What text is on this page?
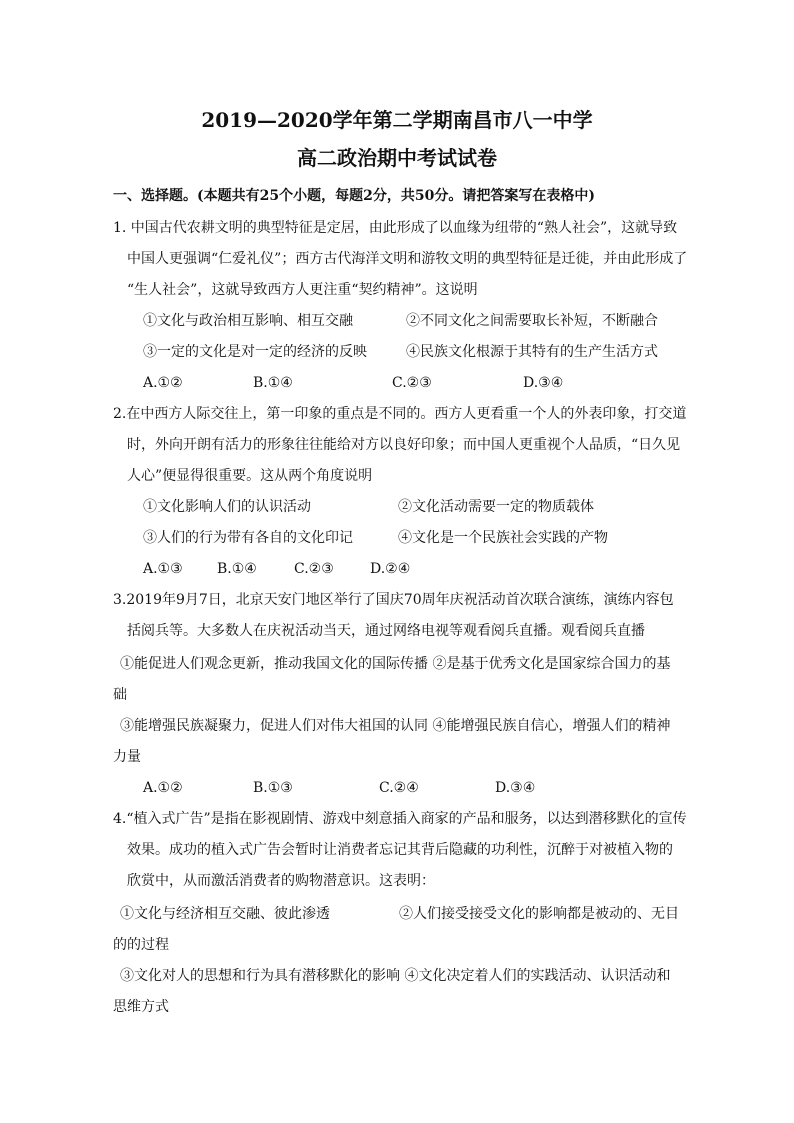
2019—2020学年第二学期南昌市八一中学
高二政治期中考试试卷
一、选择题。(本题共有25个小题，每题2分，共50分。请把答案写在表格中)
1. 中国古代农耕文明的典型特征是定居，由此形成了以血缘为纽带的“熟人社会”，这就导致
中国人更强调“仁爱礼仪”；西方古代海洋文明和游牧文明的典型特征是迁徙，并由此形成了
“生人社会”，这就导致西方人更注重“契约精神”。这说明
①文化与政治相互影响、相互交融	②不同文化之间需要取长补短，不断融合
③一定的文化是对一定的经济的反映	④民族文化根源于其特有的生产生活方式
A.①②	B.①④	C.②③	D.③④
2.在中西方人际交往上，第一印象的重点是不同的。西方人更看重一个人的外表印象，打交道
时，外向开朗有活力的形象往往能给对方以良好印象；而中国人更重视个人品质，“日久见
人心”便显得很重要。这从两个角度说明
①文化影响人们的认识活动	②文化活动需要一定的物质载体
③人们的行为带有各自的文化印记	④文化是一个民族社会实践的产物
A.①③ B.①④	C.②③	D.②④
3.2019年9月7日，北京天安门地区举行了国庆70周年庆祝活动首次联合演练，演练内容包
括阅兵等。大多数人在庆祝活动当天，通过网络电视等观看阅兵直播。观看阅兵直播
①能促进人们观念更新，推动我国文化的国际传播 ②是基于优秀文化是国家综合国力的基
础
③能增强民族凝聚力，促进人们对伟大祖国的认同 ④能增强民族自信心，增强人们的精神
力量
A.①②	B.①③	C.②④	D.③④
4.“植入式广告”是指在影视剧情、游戏中刻意插入商家的产品和服务，以达到潜移默化的宣传
效果。成功的植入式广告会暂时让消费者忘记其背后隐藏的功利性，沉醉于对被植入物的
欣赏中，从而激活消费者的购物潜意识。这表明：
①文化与经济相互交融、彼此渗透	②人们接受接受文化的影响都是被动的、无目
的的过程
③文化对人的思想和行为具有潜移默化的影响 ④文化决定着人们的实践活动、认识活动和
思维方式
